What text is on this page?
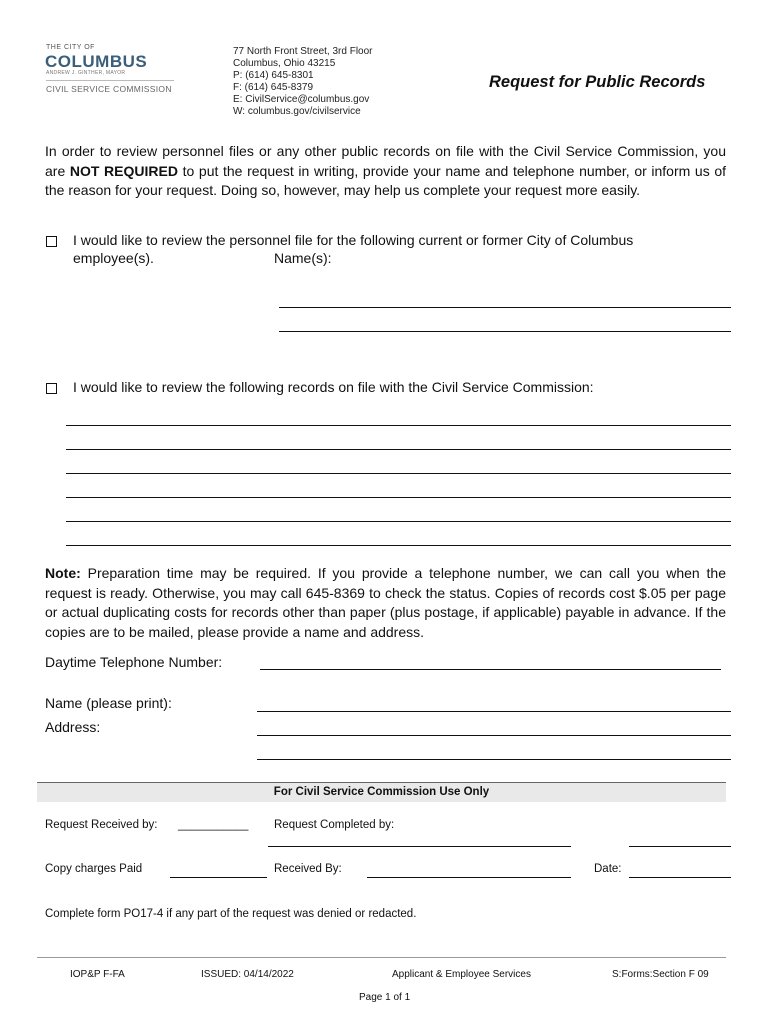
THE CITY OF
COLUMBUS
ANDREW J. GINTHER, MAYOR
CIVIL SERVICE COMMISSION
77 North Front Street, 3rd Floor
Columbus, Ohio 43215
P: (614) 645-8301
F: (614) 645-8379
E: CivilService@columbus.gov
W: columbus.gov/civilservice
Request for Public Records
In order to review personnel files or any other public records on file with the Civil Service Commission, you are NOT REQUIRED to put the request in writing, provide your name and telephone number, or inform us of the reason for your request. Doing so, however, may help us complete your request more easily.
I would like to review the personnel file for the following current or former City of Columbus
employee(s).	Name(s):
I would like to review the following records on file with the Civil Service Commission:
Note: Preparation time may be required. If you provide a telephone number, we can call you when the request is ready. Otherwise, you may call 645-8369 to check the status. Copies of records cost $.05 per page or actual duplicating costs for records other than paper (plus postage, if applicable) payable in advance. If the copies are to be mailed, please provide a name and address.
Daytime Telephone Number:
Name (please print):
Address:
For Civil Service Commission Use Only
Request Received by: ___________ Request Completed by:
Copy charges Paid	Received By:	Date:
Complete form PO17-4 if any part of the request was denied or redacted.
IOP&P F-FA	ISSUED: 04/14/2022	Applicant & Employee Services	S:Forms:Section F 09
Page 1 of 1
